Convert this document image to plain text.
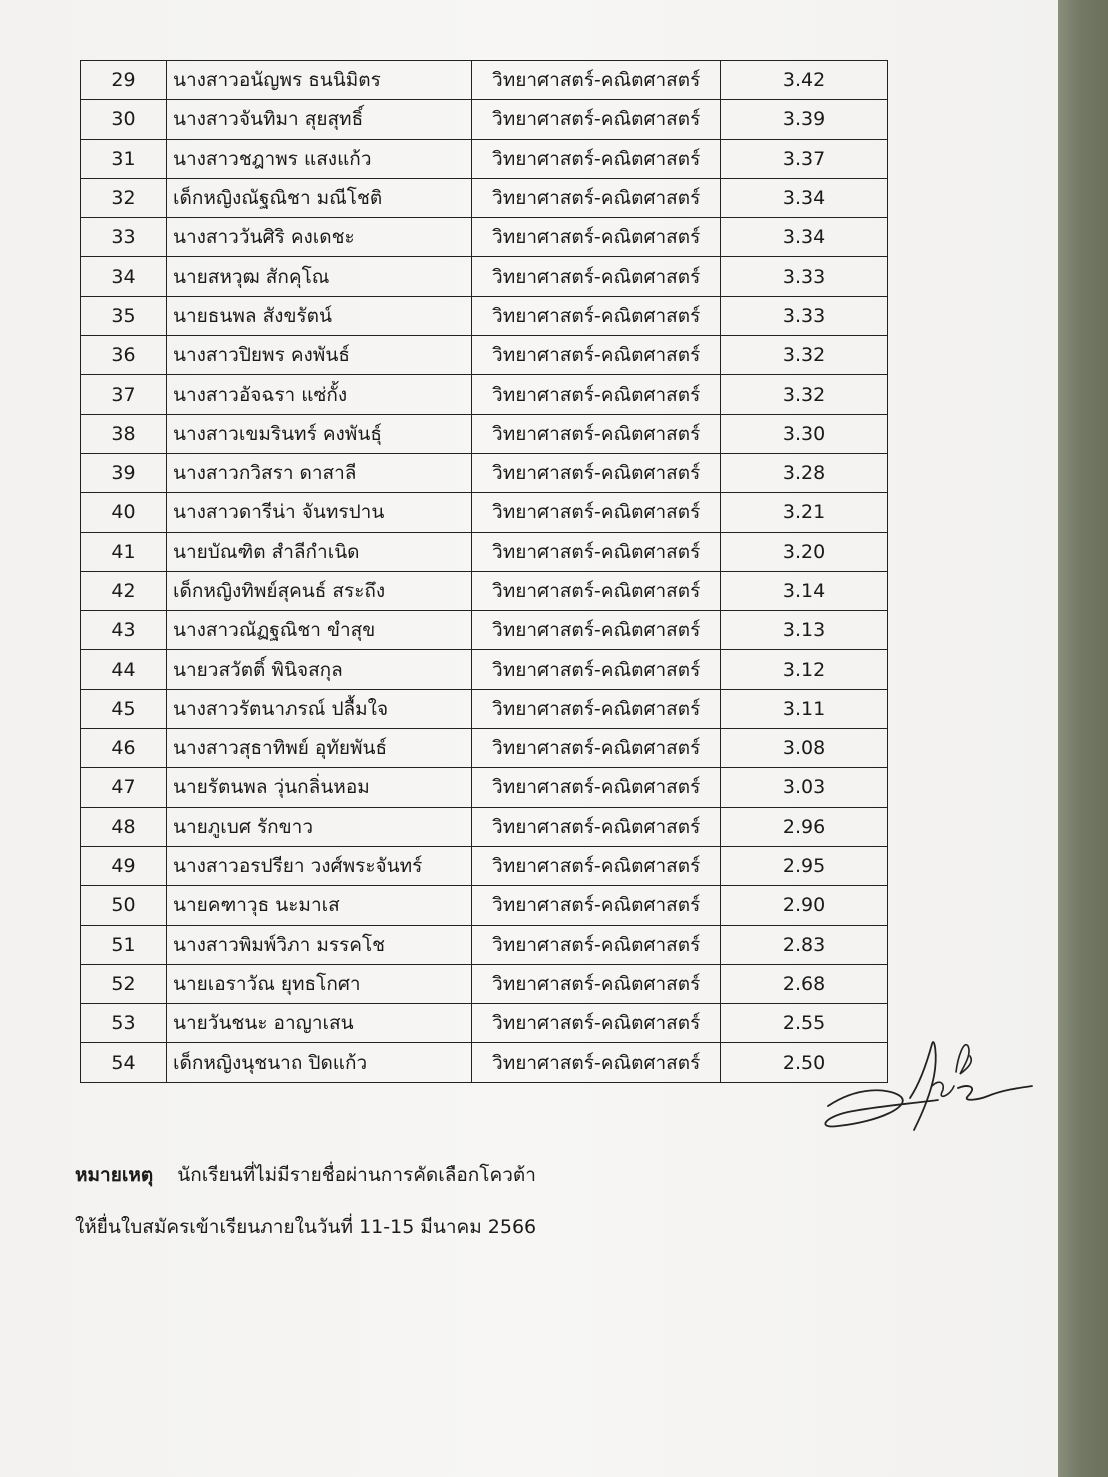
29	นางสาวอนัญพร ธนนิมิตร	วิทยาศาสตร์-คณิตศาสตร์	3.42
30	นางสาวจันทิมา สุยสุทธิ์	วิทยาศาสตร์-คณิตศาสตร์	3.39
31	นางสาวชฎาพร แสงแก้ว	วิทยาศาสตร์-คณิตศาสตร์	3.37
32	เด็กหญิงณัฐณิชา มณีโชติ	วิทยาศาสตร์-คณิตศาสตร์	3.34
33	นางสาววันศิริ คงเดชะ	วิทยาศาสตร์-คณิตศาสตร์	3.34
34	นายสหวุฒ สักคุโณ	วิทยาศาสตร์-คณิตศาสตร์	3.33
35	นายธนพล สังขรัตน์	วิทยาศาสตร์-คณิตศาสตร์	3.33
36	นางสาวปิยพร คงพันธ์	วิทยาศาสตร์-คณิตศาสตร์	3.32
37	นางสาวอัจฉรา แซ่กั้ง	วิทยาศาสตร์-คณิตศาสตร์	3.32
38	นางสาวเขมรินทร์ คงพันธุ์	วิทยาศาสตร์-คณิตศาสตร์	3.30
39	นางสาวกวิสรา ดาสาลี	วิทยาศาสตร์-คณิตศาสตร์	3.28
40	นางสาวดารีน่า จันทรปาน	วิทยาศาสตร์-คณิตศาสตร์	3.21
41	นายบัณฑิต สำลีกำเนิด	วิทยาศาสตร์-คณิตศาสตร์	3.20
42	เด็กหญิงทิพย์สุคนธ์ สระถึง	วิทยาศาสตร์-คณิตศาสตร์	3.14
43	นางสาวณัฏฐณิชา ขำสุข	วิทยาศาสตร์-คณิตศาสตร์	3.13
44	นายวสวัตติ์ พินิจสกุล	วิทยาศาสตร์-คณิตศาสตร์	3.12
45	นางสาวรัตนาภรณ์ ปลื้มใจ	วิทยาศาสตร์-คณิตศาสตร์	3.11
46	นางสาวสุธาทิพย์ อุทัยพันธ์	วิทยาศาสตร์-คณิตศาสตร์	3.08
47	นายรัตนพล วุ่นกลิ่นหอม	วิทยาศาสตร์-คณิตศาสตร์	3.03
48	นายภูเบศ รักขาว	วิทยาศาสตร์-คณิตศาสตร์	2.96
49	นางสาวอรปรียา วงศ์พระจันทร์	วิทยาศาสตร์-คณิตศาสตร์	2.95
50	นายคฑาวุธ นะมาเส	วิทยาศาสตร์-คณิตศาสตร์	2.90
51	นางสาวพิมพ์วิภา มรรคโช	วิทยาศาสตร์-คณิตศาสตร์	2.83
52	นายเอราวัณ ยุทธโกศา	วิทยาศาสตร์-คณิตศาสตร์	2.68
53	นายวันชนะ อาญาเสน	วิทยาศาสตร์-คณิตศาสตร์	2.55
54	เด็กหญิงนุชนาถ ปิดแก้ว	วิทยาศาสตร์-คณิตศาสตร์	2.50
หมายเหตุ นักเรียนที่ไม่มีรายชื่อผ่านการคัดเลือกโควต้า
ให้ยื่นใบสมัครเข้าเรียนภายในวันที่ 11-15 มีนาคม 2566
